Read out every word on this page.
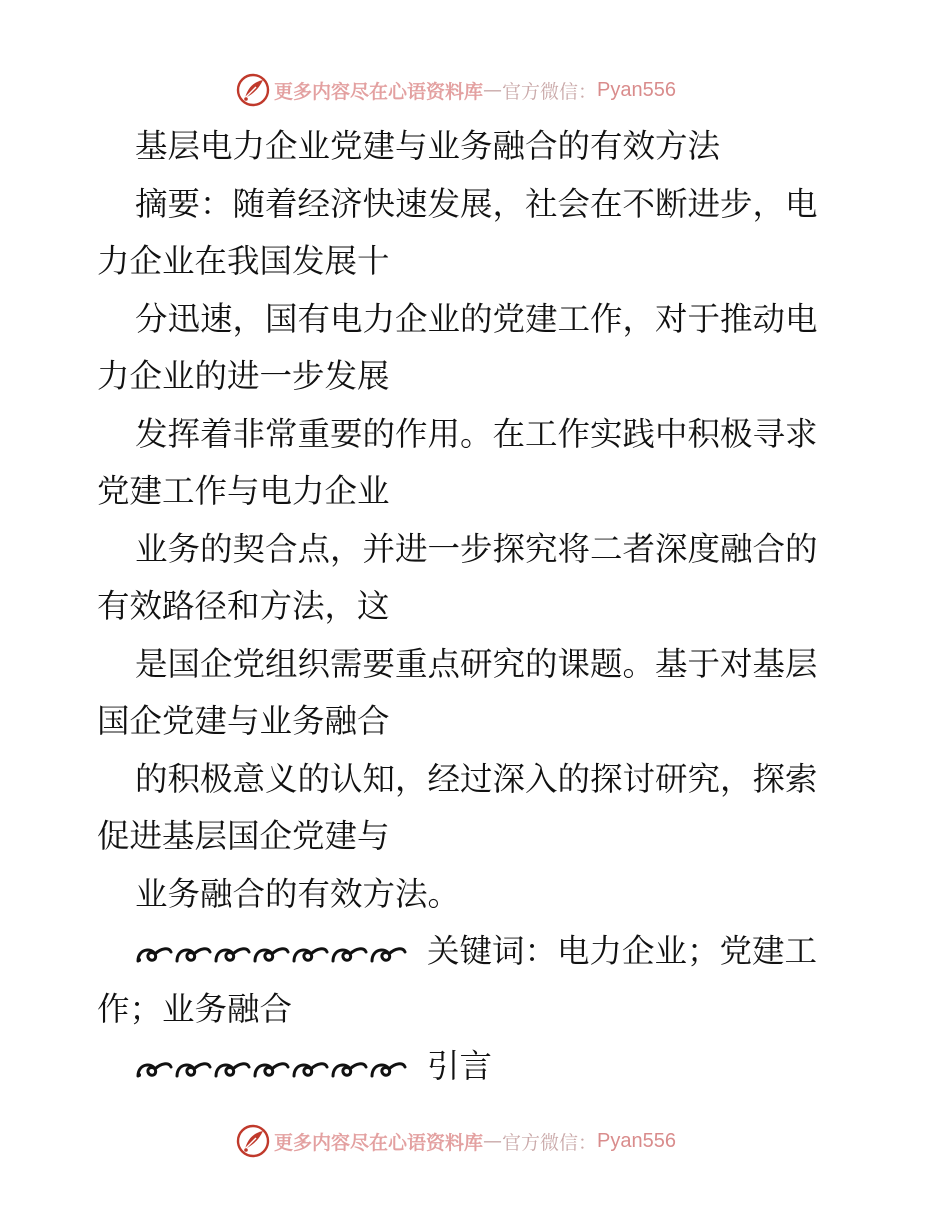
更多内容尽在心语资料库 — 官方微信： Pyan556
基层电力企业党建与业务融合的有效方法
摘要：随着经济快速发展，社会在不断进步，电
力企业在我国发展十
分迅速，国有电力企业的党建工作，对于推动电
力企业的进一步发展
发挥着非常重要的作用。在工作实践中积极寻求
党建工作与电力企业
业务的契合点，并进一步探究将二者深度融合的
有效路径和方法，这
是国企党组织需要重点研究的课题。基于对基层
国企党建与业务融合
的积极意义的认知，经过深入的探讨研究，探索
促进基层国企党建与
业务融合的有效方法。
关键词：电力企业；党建工
作；业务融合
引言
更多内容尽在心语资料库 — 官方微信： Pyan556
